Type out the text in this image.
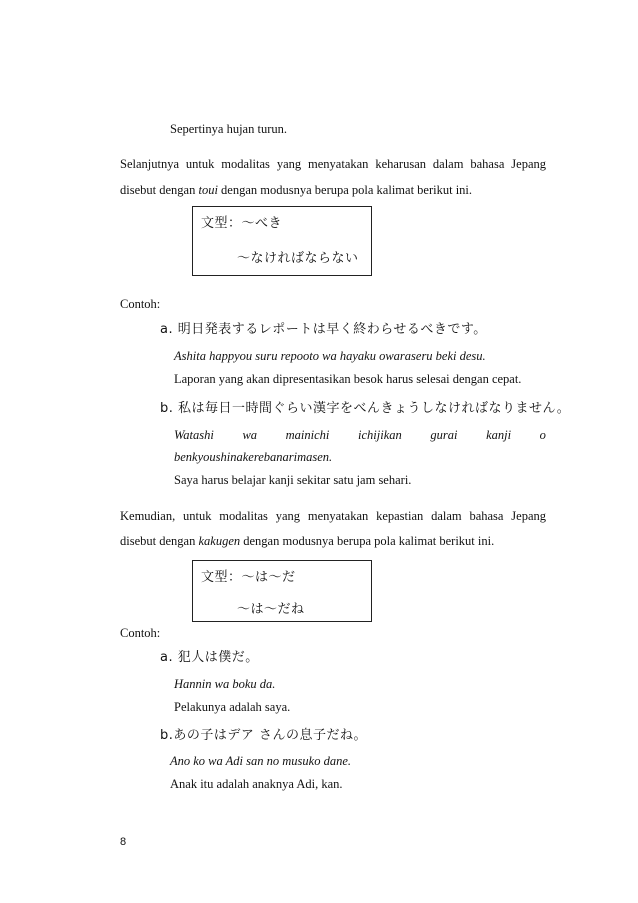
Sepertinya hujan turun.
Selanjutnya untuk modalitas yang menyatakan keharusan dalam bahasa Jepang
disebut dengan toui dengan modusnya berupa pola kalimat berikut ini.
文型：～べき
～なければならない
Contoh:
a. 明日発表するレポートは早く終わらせるべきです。
Ashita happyou suru repooto wa hayaku owaraseru beki desu.
Laporan yang akan dipresentasikan besok harus selesai dengan cepat.
b. 私は毎日一時間ぐらい漢字をべんきょうしなければなりません。
Watashi wa mainichi ichijikan gurai kanji o
benkyoushinakerebanarimasen.
Saya harus belajar kanji sekitar satu jam sehari.
Kemudian, untuk modalitas yang menyatakan kepastian dalam bahasa Jepang
disebut dengan kakugen dengan modusnya berupa pola kalimat berikut ini.
文型：～は～だ
～は～だね
Contoh:
a. 犯人は僕だ。
Hannin wa boku da.
Pelakunya adalah saya.
b.あの子はデア さんの息子だね。
Ano ko wa Adi san no musuko dane.
Anak itu adalah anaknya Adi, kan.
8
